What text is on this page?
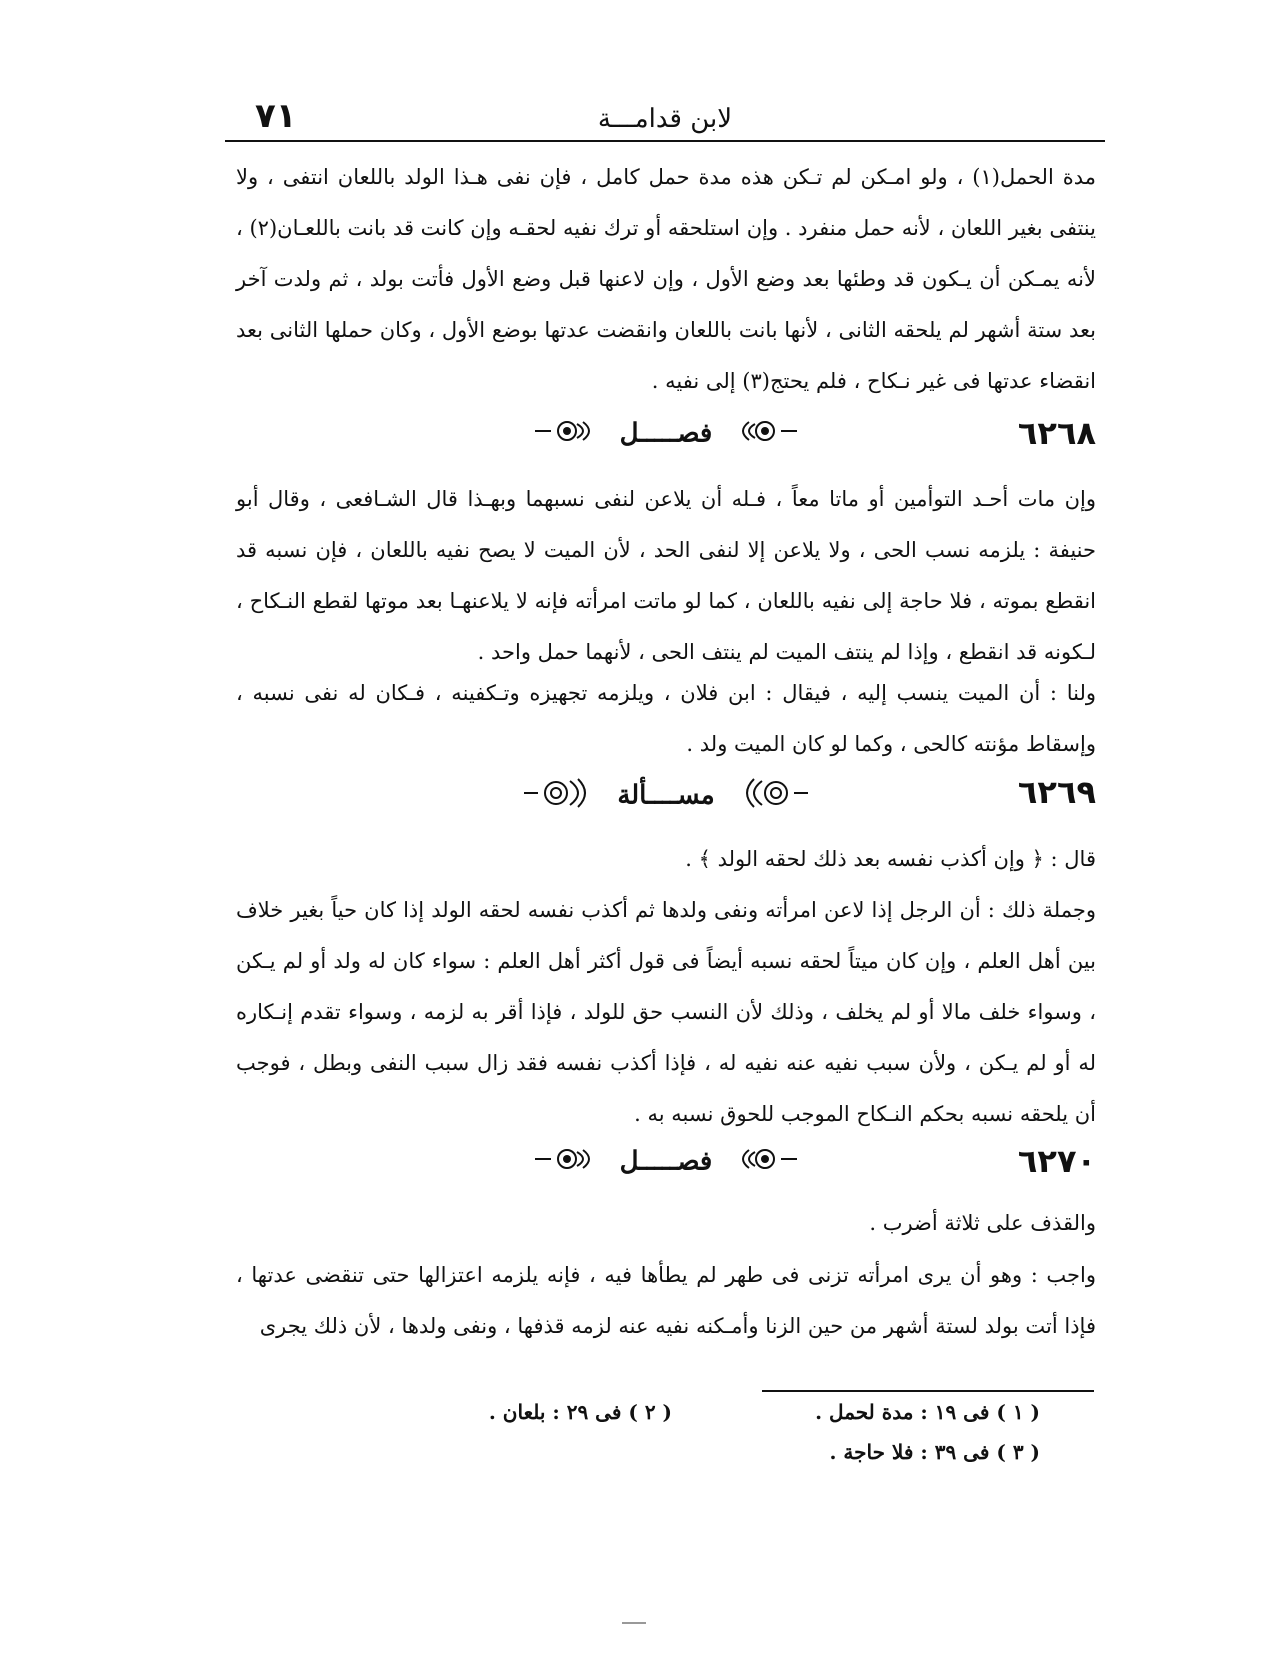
لابن قدامـــة
٧١
مدة الحمل(١) ، ولو امـكن لم تـكن هذه مدة حمل كامل ، فإن نفى هـذا الولد باللعان انتفى ، ولا ينتفى بغير اللعان ، لأنه حمل منفرد . وإن استلحقه أو ترك نفيه لحقـه وإن كانت قد بانت باللعـان(٢) ، لأنه يمـكن أن يـكون قد وطئها بعد وضع الأول ، وإن لاعنها قبل وضع الأول فأتت بولد ، ثم ولدت آخر بعد ستة أشهر لم يلحقه الثانى ، لأنها بانت باللعان وانقضت عدتها بوضع الأول ، وكان حملها الثانى بعد انقضاء عدتها فى غير نـكاح ، فلم يحتج(٣) إلى نفيه .
٦٢٦٨
فصـــــل
وإن مات أحـد التوأمين أو ماتا معاً ، فـله أن يلاعن لنفى نسبهما وبهـذا قال الشـافعى ، وقال أبو حنيفة : يلزمه نسب الحى ، ولا يلاعن إلا لنفى الحد ، لأن الميت لا يصح نفيه باللعان ، فإن نسبه قد انقطع بموته ، فلا حاجة إلى نفيه باللعان ، كما لو ماتت امرأته فإنه لا يلاعنهـا بعد موتها لقطع النـكاح ، لـكونه قد انقطع ، وإذا لم ينتف الميت لم ينتف الحى ، لأنهما حمل واحد .
ولنا : أن الميت ينسب إليه ، فيقال : ابن فلان ، ويلزمه تجهيزه وتـكفينه ، فـكان له نفى نسبه ، وإسقاط مؤنته كالحى ، وكما لو كان الميت ولد .
٦٢٦٩
مســــألة
قال : ﴿ وإن أكذب نفسه بعد ذلك لحقه الولد ﴾ .
وجملة ذلك : أن الرجل إذا لاعن امرأته ونفى ولدها ثم أكذب نفسه لحقه الولد إذا كان حياً بغير خلاف بين أهل العلم ، وإن كان ميتاً لحقه نسبه أيضاً فى قول أكثر أهل العلم : سواء كان له ولد أو لم يـكن ، وسواء خلف مالا أو لم يخلف ، وذلك لأن النسب حق للولد ، فإذا أقر به لزمه ، وسواء تقدم إنـكاره له أو لم يـكن ، ولأن سبب نفيه عنه نفيه له ، فإذا أكذب نفسه فقد زال سبب النفى وبطل ، فوجب أن يلحقه نسبه بحكم النـكاح الموجب للحوق نسبه به .
٦٢٧٠
فصـــــل
والقذف على ثلاثة أضرب .
واجب : وهو أن يرى امرأته تزنى فى طهر لم يطأها فيه ، فإنه يلزمه اعتزالها حتى تنقضى عدتها ، فإذا أتت بولد لستة أشهر من حين الزنا وأمـكنه نفيه عنه لزمه قذفها ، ونفى ولدها ، لأن ذلك يجرى
( ١ ) فى ١٩ : مدة لحمل .
( ٢ ) فى ٢٩ : بلعان .
( ٣ ) فى ٣٩ : فلا حاجة .
